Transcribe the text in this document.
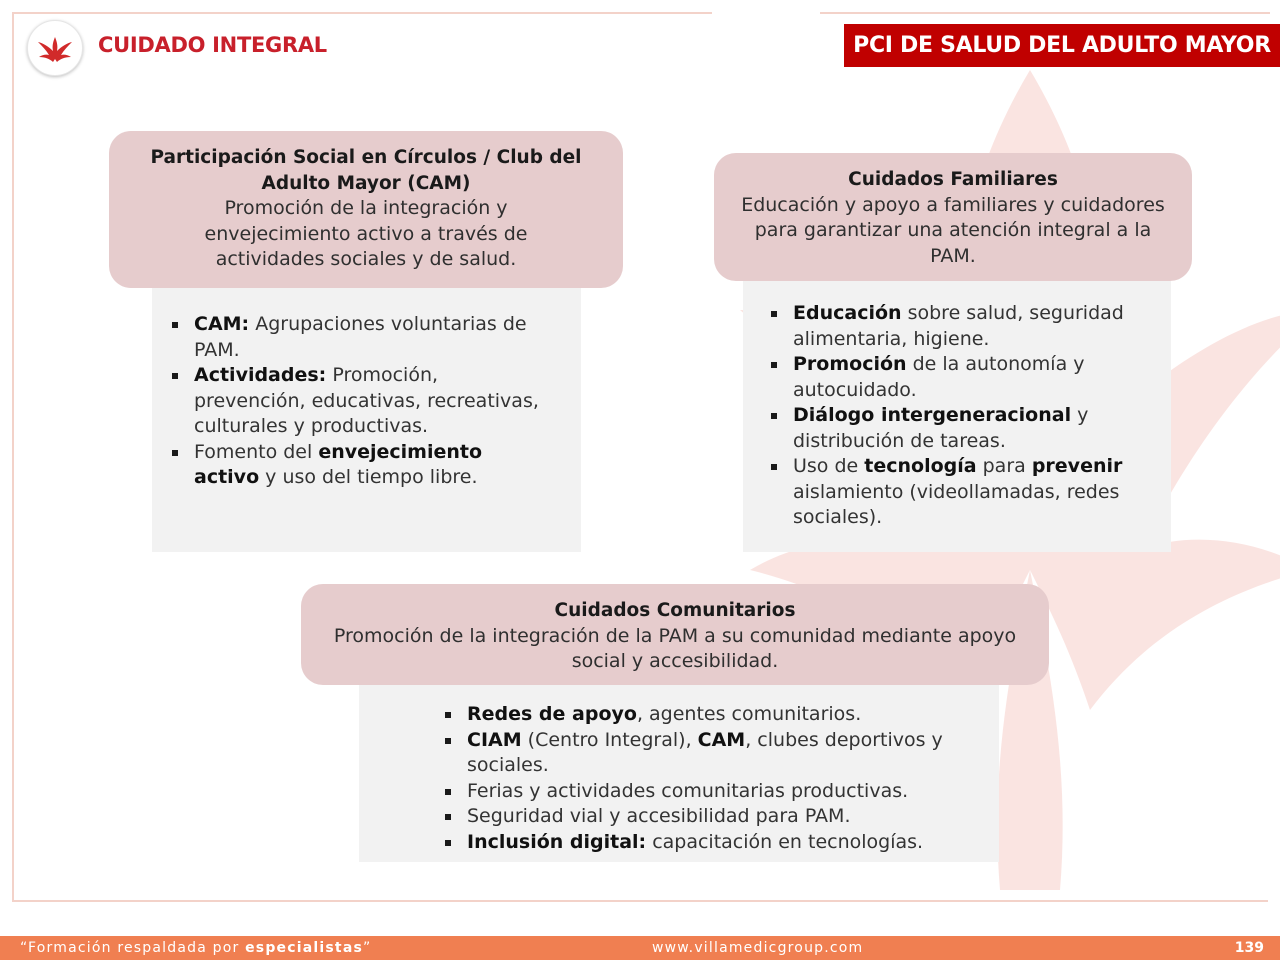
CUIDADO INTEGRAL	PCI DE SALUD DEL ADULTO MAYOR
CAM: Agrupaciones voluntarias de PAM.
Actividades: Promoción, prevención, educativas, recreativas, culturales y productivas.
Fomento del envejecimiento activo y uso del tiempo libre.
Participación Social en Círculos / Club del Adulto Mayor (CAM)
Promoción de la integración y envejecimiento activo a través de actividades sociales y de salud.
Educación sobre salud, seguridad alimentaria, higiene.
Promoción de la autonomía y autocuidado.
Diálogo intergeneracional y distribución de tareas.
Uso de tecnología para prevenir aislamiento (videollamadas, redes sociales).
Cuidados Familiares
Educación y apoyo a familiares y cuidadores para garantizar una atención integral a la PAM.
Redes de apoyo, agentes comunitarios.
CIAM (Centro Integral), CAM, clubes deportivos y sociales.
Ferias y actividades comunitarias productivas.
Seguridad vial y accesibilidad para PAM.
Inclusión digital: capacitación en tecnologías.
Cuidados Comunitarios
Promoción de la integración de la PAM a su comunidad mediante apoyo social y accesibilidad.
“Formación respaldada por especialistas”	www.villamedicgroup.com	139
